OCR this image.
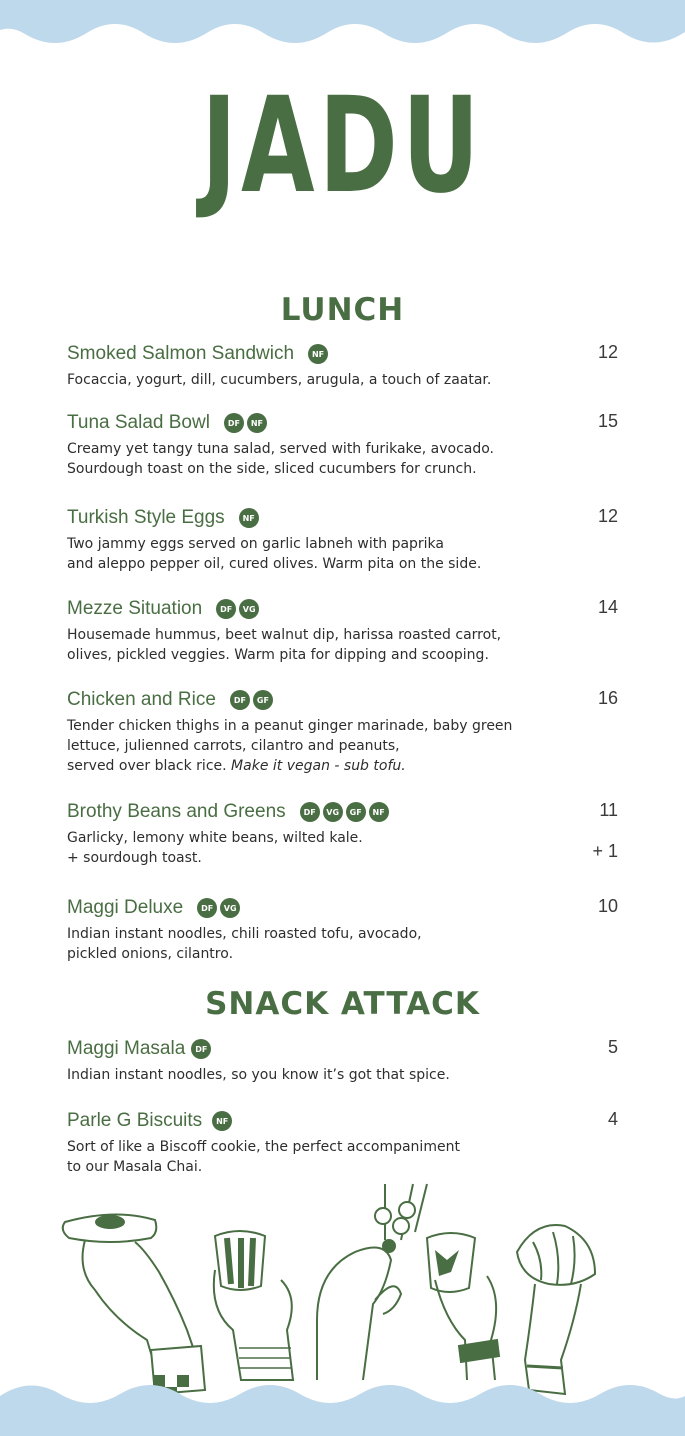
JADU
LUNCH
Smoked Salmon Sandwich	NF	12
Focaccia, yogurt, dill, cucumbers, arugula, a touch of zaatar.
Tuna Salad Bowl	DF	NF	15
Creamy yet tangy tuna salad, served with furikake, avocado.
Sourdough toast on the side, sliced cucumbers for crunch.
Turkish Style Eggs	NF	12
Two jammy eggs served on garlic labneh with paprika
and aleppo pepper oil, cured olives. Warm pita on the side.
Mezze Situation	DF	VG	14
Housemade hummus, beet walnut dip, harissa roasted carrot,
olives, pickled veggies. Warm pita for dipping and scooping.
Chicken and Rice	DF	GF	16
Tender chicken thighs in a peanut ginger marinade, baby green
lettuce, julienned carrots, cilantro and peanuts,
served over black rice. Make it vegan - sub tofu.
Brothy Beans and Greens	DF	VG	GF	NF	11
+ 1
Garlicky, lemony white beans, wilted kale.
+ sourdough toast.
Maggi Deluxe	DF	VG	10
Indian instant noodles, chili roasted tofu, avocado,
pickled onions, cilantro.
SNACK ATTACK
Maggi Masala	DF	5
Indian instant noodles, so you know it’s got that spice.
Parle G Biscuits	NF	4
Sort of like a Biscoff cookie, the perfect accompaniment
to our Masala Chai.
